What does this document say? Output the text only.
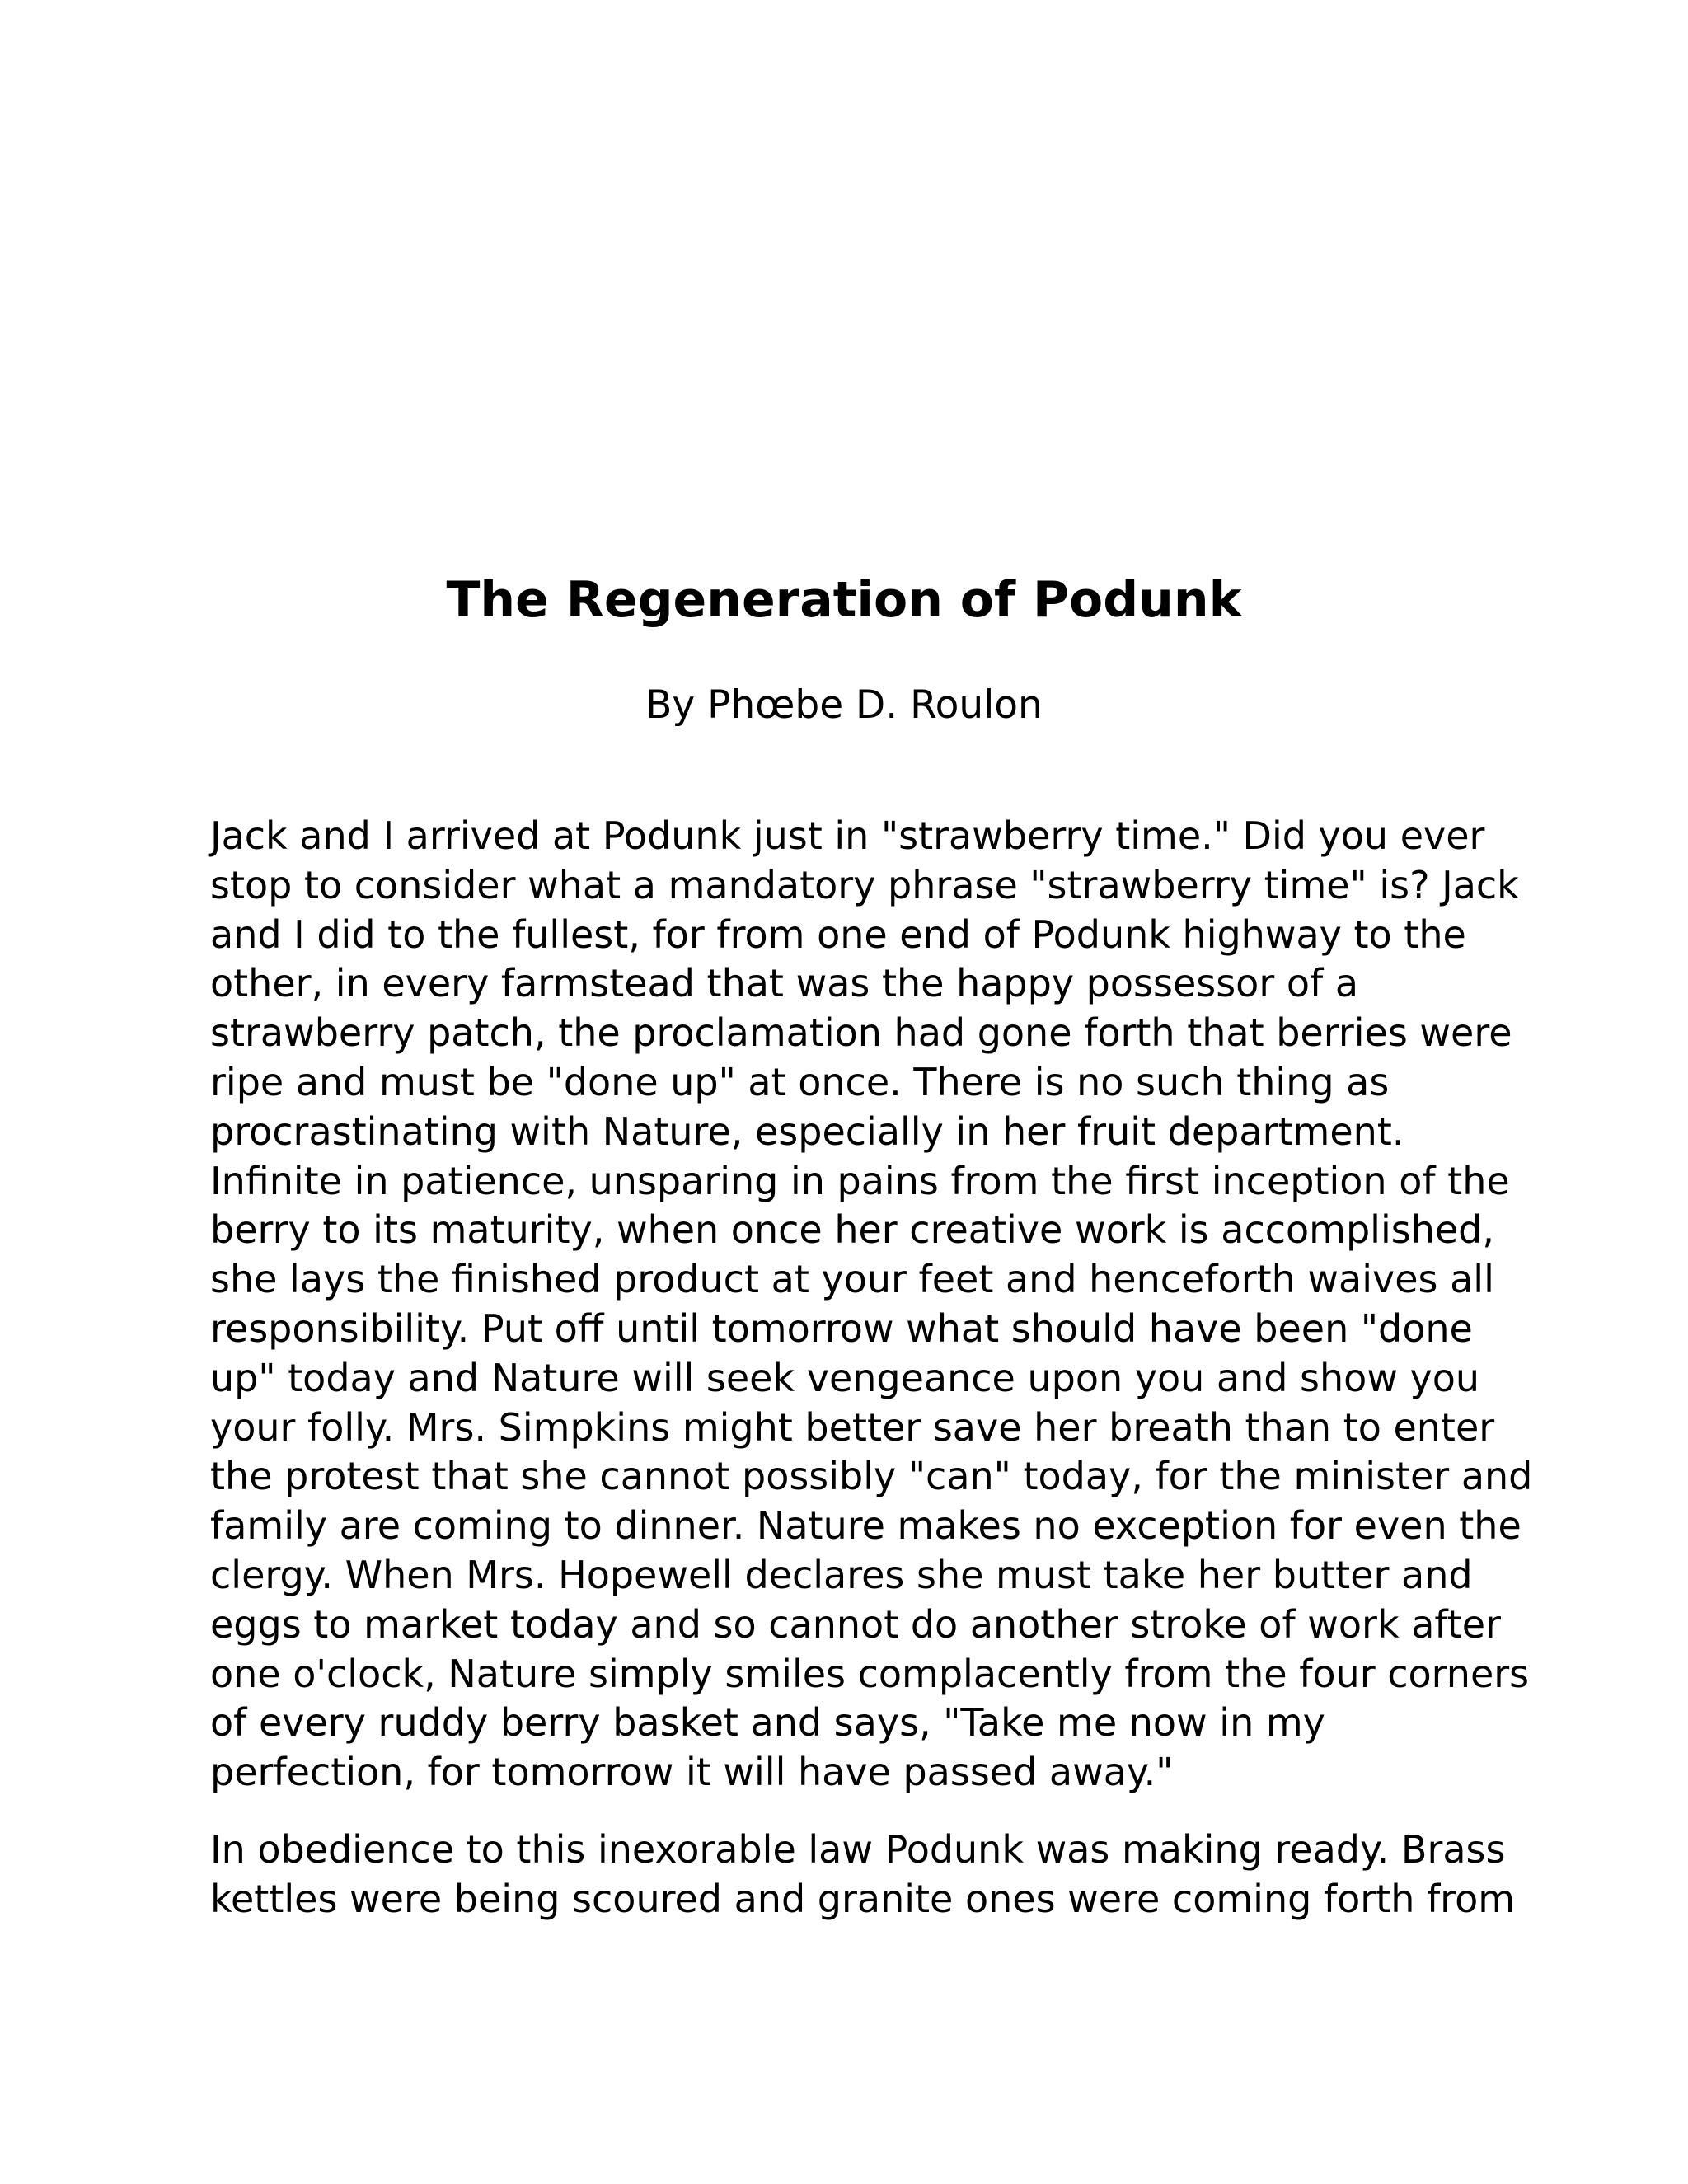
The Regeneration of Podunk

By Phœbe D. Roulon

Jack and I arrived at Podunk just in "strawberry time." Did you ever
stop to consider what a mandatory phrase "strawberry time" is? Jack
and I did to the fullest, for from one end of Podunk highway to the
other, in every farmstead that was the happy possessor of a
strawberry patch, the proclamation had gone forth that berries were
ripe and must be "done up" at once. There is no such thing as
procrastinating with Nature, especially in her fruit department.
Infinite in patience, unsparing in pains from the first inception of the
berry to its maturity, when once her creative work is accomplished,
she lays the finished product at your feet and henceforth waives all
responsibility. Put off until tomorrow what should have been "done
up" today and Nature will seek vengeance upon you and show you
your folly. Mrs. Simpkins might better save her breath than to enter
the protest that she cannot possibly "can" today, for the minister and
family are coming to dinner. Nature makes no exception for even the
clergy. When Mrs. Hopewell declares she must take her butter and
eggs to market today and so cannot do another stroke of work after
one o'clock, Nature simply smiles complacently from the four corners
of every ruddy berry basket and says, "Take me now in my
perfection, for tomorrow it will have passed away."
In obedience to this inexorable law Podunk was making ready. Brass
kettles were being scoured and granite ones were coming forth from
